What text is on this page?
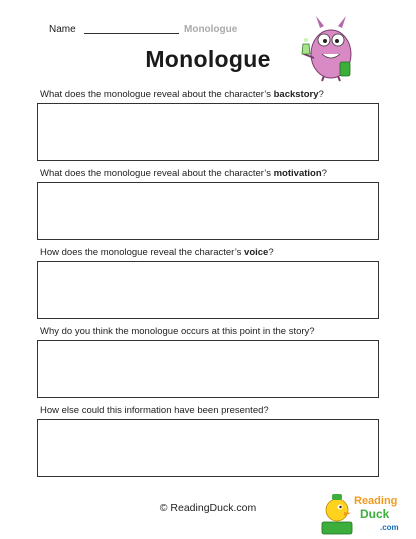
Name	Monologue
Monologue
What does the monologue reveal about the character’s backstory?
What does the monologue reveal about the character’s motivation?
How does the monologue reveal the character’s voice?
Why do you think the monologue occurs at this point in the story?
How else could this information have been presented?
© ReadingDuck.com
Reading
Duck
.com
